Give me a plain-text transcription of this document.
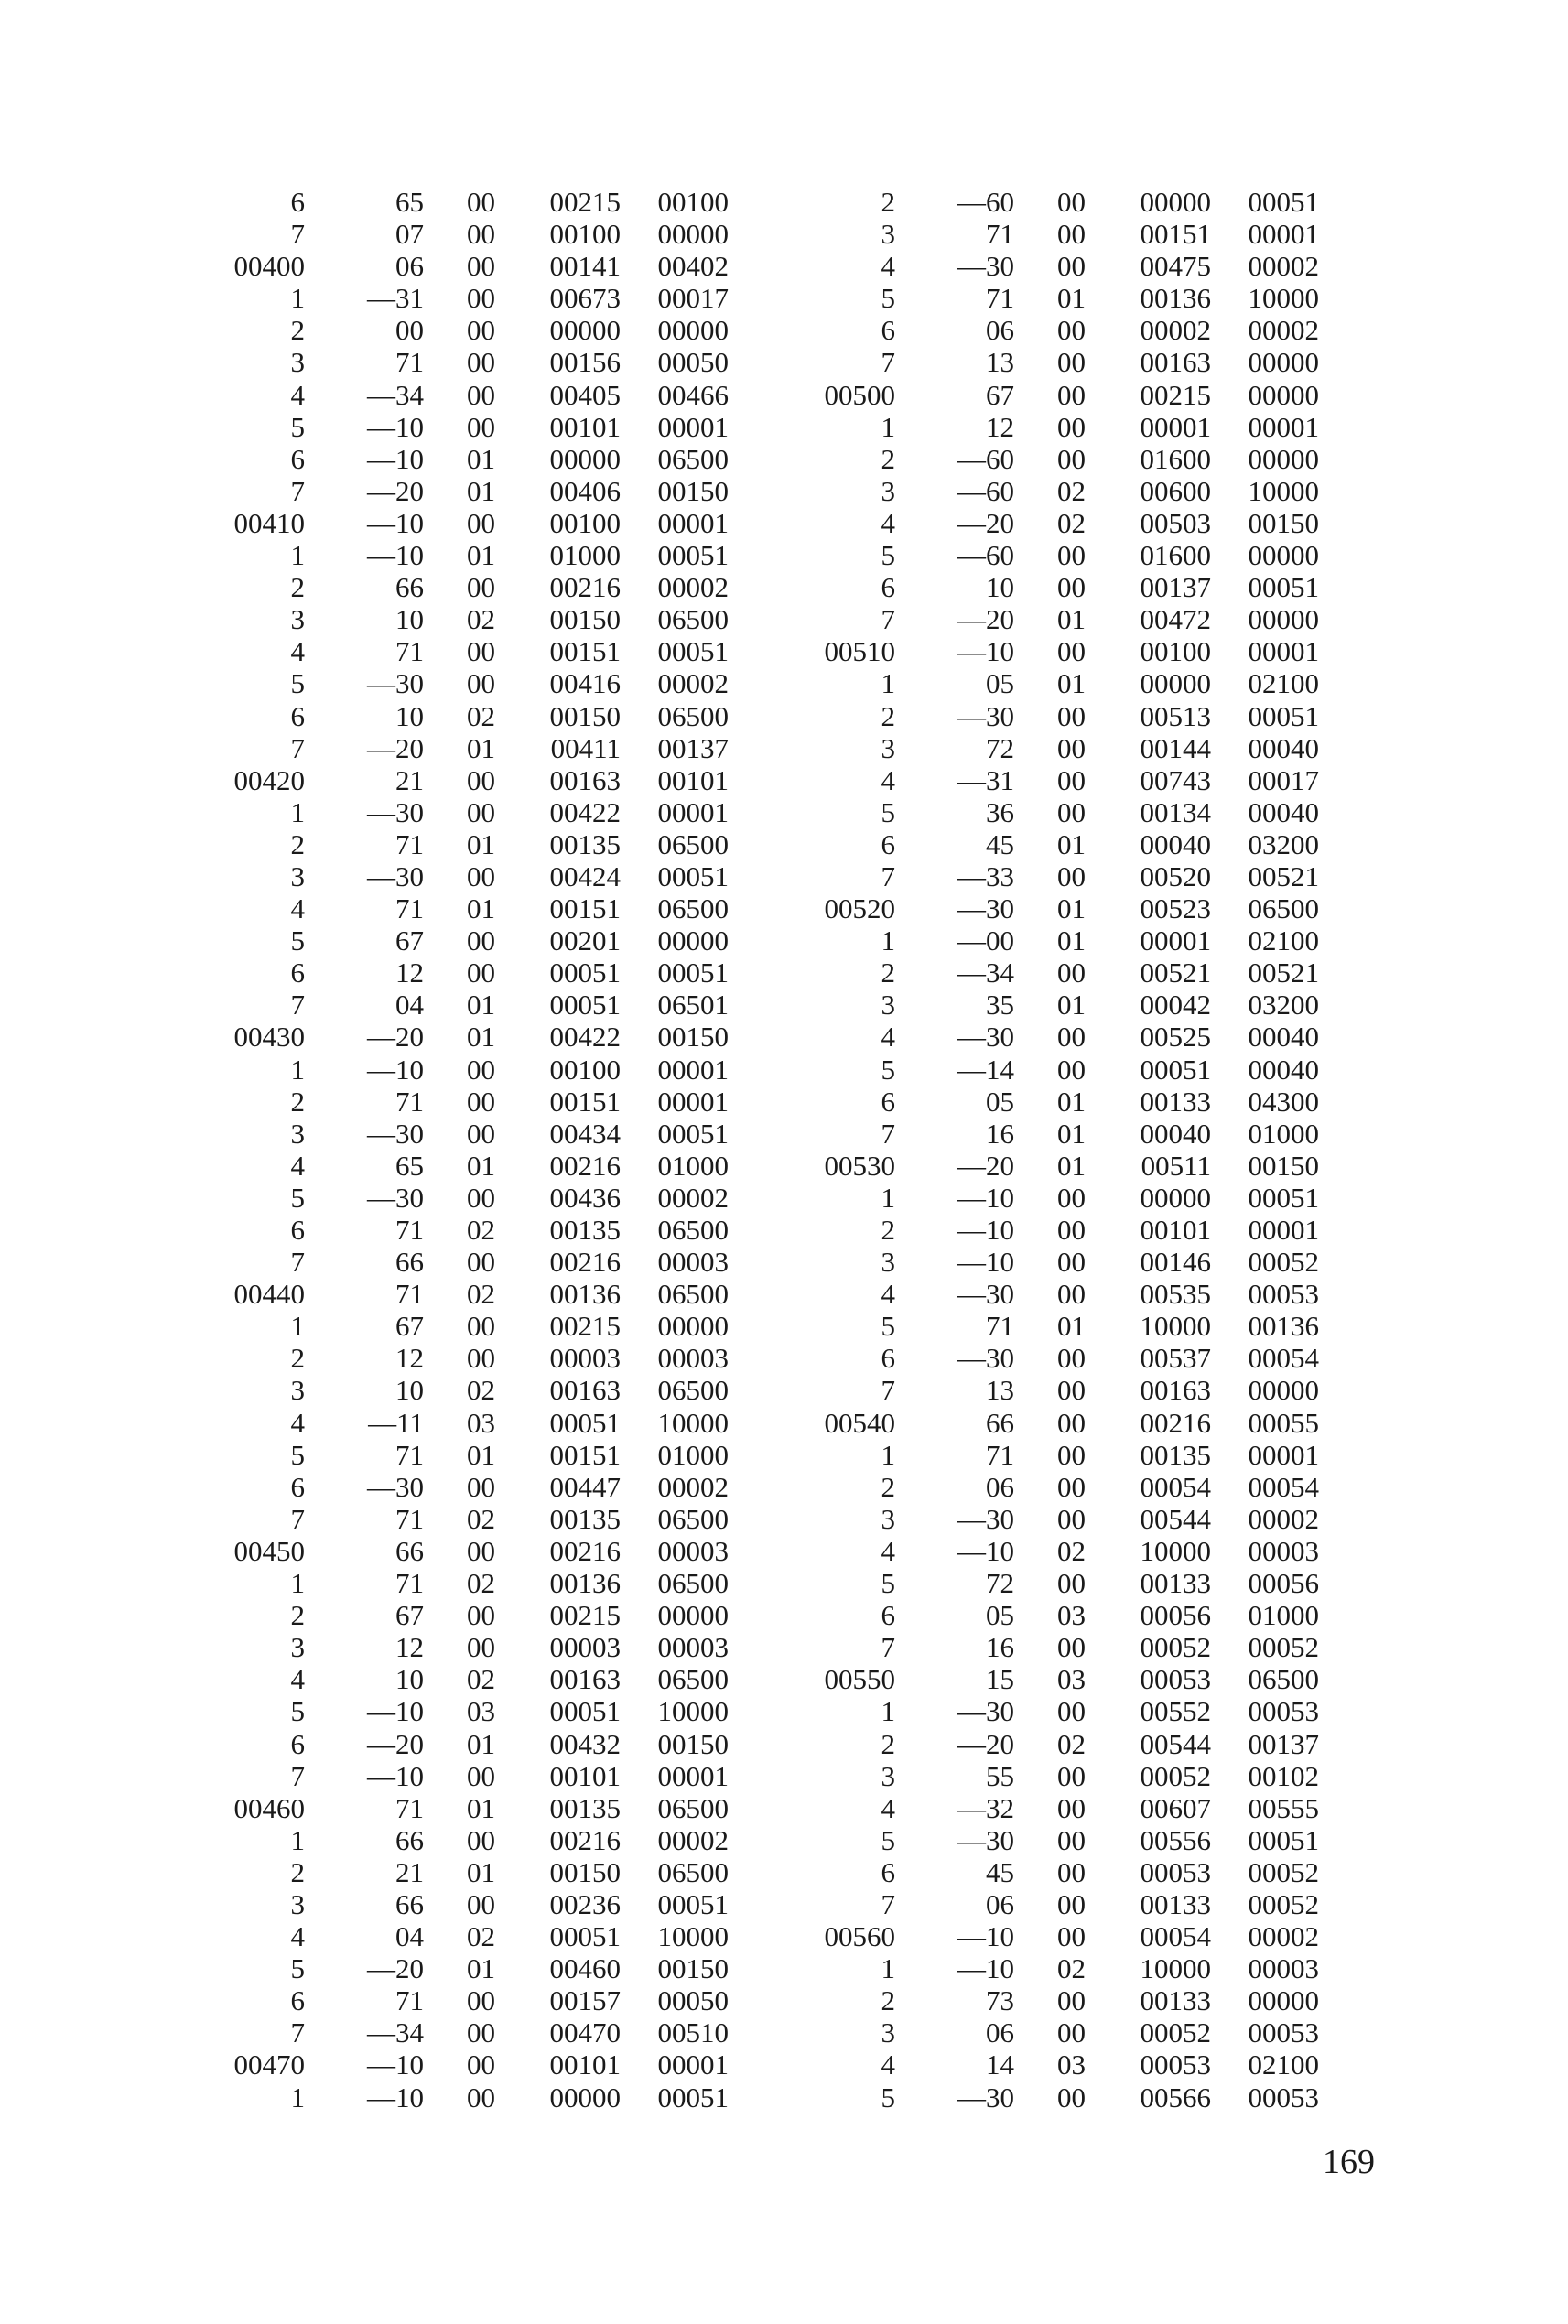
6	65	00	00215	00100
7	07	00	00100	00000
00400	06	00	00141	00402
1	—31	00	00673	00017
2	00	00	00000	00000
3	71	00	00156	00050
4	—34	00	00405	00466
5	—10	00	00101	00001
6	—10	01	00000	06500
7	—20	01	00406	00150
00410	—10	00	00100	00001
1	—10	01	01000	00051
2	66	00	00216	00002
3	10	02	00150	06500
4	71	00	00151	00051
5	—30	00	00416	00002
6	10	02	00150	06500
7	—20	01	00411	00137
00420	21	00	00163	00101
1	—30	00	00422	00001
2	71	01	00135	06500
3	—30	00	00424	00051
4	71	01	00151	06500
5	67	00	00201	00000
6	12	00	00051	00051
7	04	01	00051	06501
00430	—20	01	00422	00150
1	—10	00	00100	00001
2	71	00	00151	00001
3	—30	00	00434	00051
4	65	01	00216	01000
5	—30	00	00436	00002
6	71	02	00135	06500
7	66	00	00216	00003
00440	71	02	00136	06500
1	67	00	00215	00000
2	12	00	00003	00003
3	10	02	00163	06500
4	—11	03	00051	10000
5	71	01	00151	01000
6	—30	00	00447	00002
7	71	02	00135	06500
00450	66	00	00216	00003
1	71	02	00136	06500
2	67	00	00215	00000
3	12	00	00003	00003
4	10	02	00163	06500
5	—10	03	00051	10000
6	—20	01	00432	00150
7	—10	00	00101	00001
00460	71	01	00135	06500
1	66	00	00216	00002
2	21	01	00150	06500
3	66	00	00236	00051
4	04	02	00051	10000
5	—20	01	00460	00150
6	71	00	00157	00050
7	—34	00	00470	00510
00470	—10	00	00101	00001
1	—10	00	00000	00051
2	—60	00	00000	00051
3	71	00	00151	00001
4	—30	00	00475	00002
5	71	01	00136	10000
6	06	00	00002	00002
7	13	00	00163	00000
00500	67	00	00215	00000
1	12	00	00001	00001
2	—60	00	01600	00000
3	—60	02	00600	10000
4	—20	02	00503	00150
5	—60	00	01600	00000
6	10	00	00137	00051
7	—20	01	00472	00000
00510	—10	00	00100	00001
1	05	01	00000	02100
2	—30	00	00513	00051
3	72	00	00144	00040
4	—31	00	00743	00017
5	36	00	00134	00040
6	45	01	00040	03200
7	—33	00	00520	00521
00520	—30	01	00523	06500
1	—00	01	00001	02100
2	—34	00	00521	00521
3	35	01	00042	03200
4	—30	00	00525	00040
5	—14	00	00051	00040
6	05	01	00133	04300
7	16	01	00040	01000
00530	—20	01	00511	00150
1	—10	00	00000	00051
2	—10	00	00101	00001
3	—10	00	00146	00052
4	—30	00	00535	00053
5	71	01	10000	00136
6	—30	00	00537	00054
7	13	00	00163	00000
00540	66	00	00216	00055
1	71	00	00135	00001
2	06	00	00054	00054
3	—30	00	00544	00002
4	—10	02	10000	00003
5	72	00	00133	00056
6	05	03	00056	01000
7	16	00	00052	00052
00550	15	03	00053	06500
1	—30	00	00552	00053
2	—20	02	00544	00137
3	55	00	00052	00102
4	—32	00	00607	00555
5	—30	00	00556	00051
6	45	00	00053	00052
7	06	00	00133	00052
00560	—10	00	00054	00002
1	—10	02	10000	00003
2	73	00	00133	00000
3	06	00	00052	00053
4	14	03	00053	02100
5	—30	00	00566	00053
169
